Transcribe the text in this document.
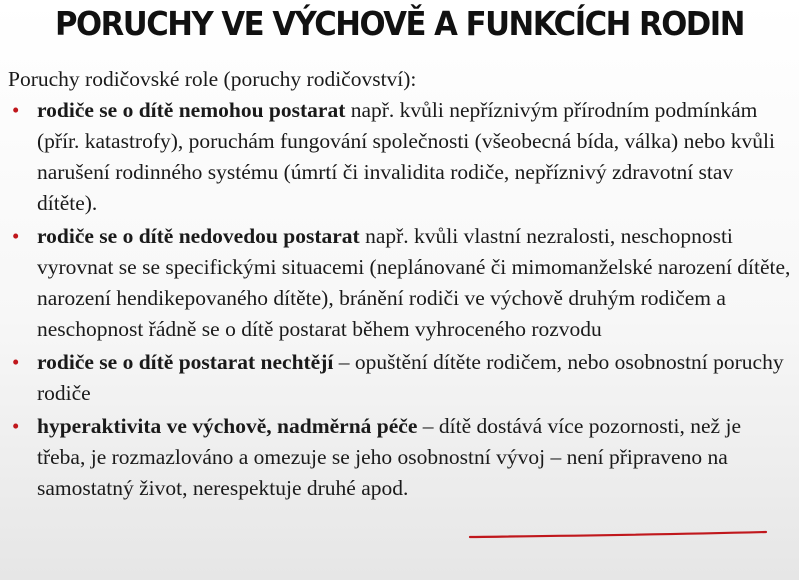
PORUCHY VE VÝCHOVĚ A FUNKCÍCH RODIN

Poruchy rodičovské role (poruchy rodičovství):

• rodiče se o dítě nemohou postarat např. kvůli nepříznivým přírodním podmínkám (přír. katastrofy), poruchám fungování společnosti (všeobecná bída, válka) nebo kvůli narušení rodinného systému (úmrtí či invalidita rodiče, nepříznivý zdravotní stav dítěte).
• rodiče se o dítě nedovedou postarat např. kvůli vlastní nezralosti, neschopnosti vyrovnat se se specifickými situacemi (neplánované či mimomanželské narození dítěte, narození hendikepovaného dítěte), bránění rodiči ve výchově druhým rodičem a neschopnost řádně se o dítě postarat během vyhroceného rozvodu
• rodiče se o dítě postarat nechtějí – opuštění dítěte rodičem, nebo osobnostní poruchy rodiče
• hyperaktivita ve výchově, nadměrná péče – dítě dostává více pozornosti, než je třeba, je rozmazlováno a omezuje se jeho osobnostní vývoj – není připraveno na samostatný život, nerespektuje druhé apod.
